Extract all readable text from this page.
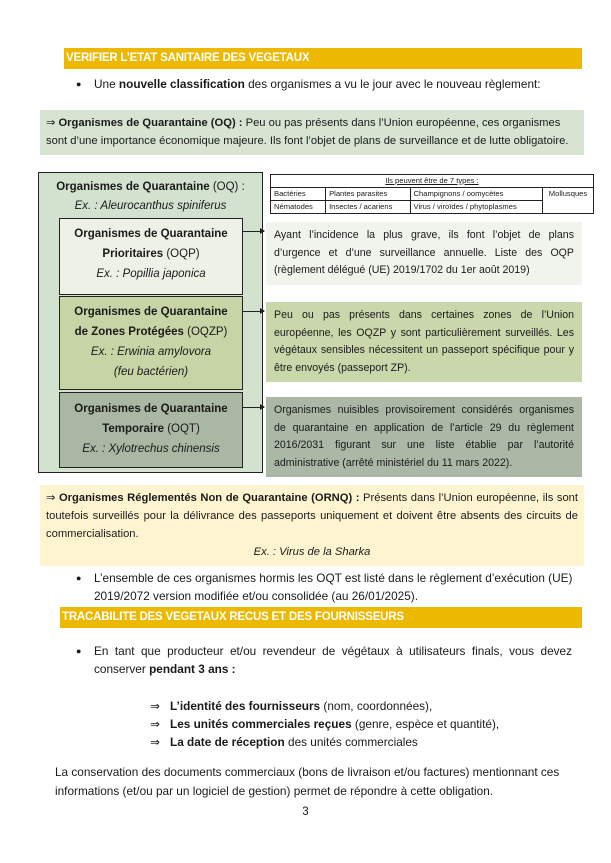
VERIFIER L’ETAT SANITAIRE DES VEGETAUX
●	Une nouvelle classification des organismes a vu le jour avec le nouveau règlement:
⇒ Organismes de Quarantaine (OQ) : Peu ou pas présents dans l’Union européenne, ces organismes sont d’une importance économique majeure. Ils font l’objet de plans de surveillance et de lutte obligatoire.
Organismes de Quarantaine (OQ) :
Ex. : Aleurocanthus spiniferus
Organismes de Quarantaine
Prioritaires (OQP)
Ex. : Popillia japonica
Organismes de Quarantaine
de Zones Protégées (OQZP)
Ex. : Erwinia amylovora (feu bactérien)
Organismes de Quarantaine
Temporaire (OQT)
Ex. : Xylotrechus chinensis
Ils peuvent être de 7 types :			
Bactéries	Plantes parasites	Champignons / oomycètes	Mollusques
Nématodes	Insectes / acariens	Virus / viroïdes / phytoplasmes	
Ayant l’incidence la plus grave, ils font l’objet de plans d’urgence et d’une surveillance annuelle. Liste des OQP (règlement délégué (UE) 2019/1702 du 1er août 2019)
Peu ou pas présents dans certaines zones de l’Union européenne, les OQZP y sont particulièrement surveillés. Les végétaux sensibles nécessitent un passeport spécifique pour y être envoyés (passeport ZP).
Organismes nuisibles provisoirement considérés organismes de quarantaine en application de l’article 29 du règlement 2016/2031 figurant sur une liste établie par l’autorité administrative (arrêté ministériel du 11 mars 2022).
⇒ Organismes Réglementés Non de Quarantaine (ORNQ) : Présents dans l’Union européenne, ils sont toutefois surveillés pour la délivrance des passeports uniquement et doivent être absents des circuits de commercialisation.
Ex. : Virus de la Sharka
●	L’ensemble de ces organismes hormis les OQT est listé dans le règlement d’exécution (UE) 2019/2072 version modifiée et/ou consolidée (au 26/01/2025).
TRACABILITE DES VEGETAUX RECUS ET DES FOURNISSEURS
●	En tant que producteur et/ou revendeur de végétaux à utilisateurs finals, vous devez conserver pendant 3 ans :
⇒ L’identité des fournisseurs (nom, coordonnées),
⇒ Les unités commerciales reçues (genre, espèce et quantité),
⇒ La date de réception des unités commerciales
La conservation des documents commerciaux (bons de livraison et/ou factures) mentionnant ces informations (et/ou par un logiciel de gestion) permet de répondre à cette obligation.
3
